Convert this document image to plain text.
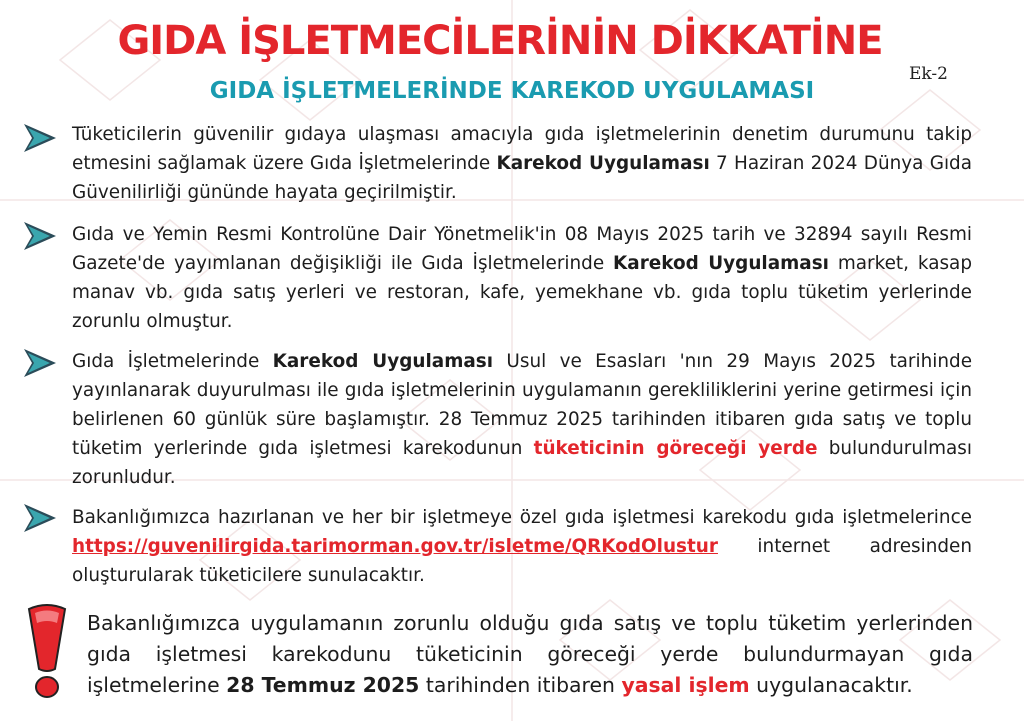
GIDA İŞLETMECİLERİNİN DİKKATİNE
Ek-2
GIDA İŞLETMELERİNDE KAREKOD UYGULAMASI
Tüketicilerin güvenilir gıdaya ulaşması amacıyla gıda işletmelerinin denetim durumunu takip etmesini sağlamak üzere Gıda İşletmelerinde Karekod Uygulaması 7 Haziran 2024 Dünya Gıda Güvenilirliği gününde hayata geçirilmiştir.
Gıda ve Yemin Resmi Kontrolüne Dair Yönetmelik'in 08 Mayıs 2025 tarih ve 32894 sayılı Resmi Gazete'de yayımlanan değişikliği ile Gıda İşletmelerinde Karekod Uygulaması market, kasap manav vb. gıda satış yerleri ve restoran, kafe, yemekhane vb. gıda toplu tüketim yerlerinde zorunlu olmuştur.
Gıda İşletmelerinde Karekod Uygulaması Usul ve Esasları 'nın 29 Mayıs 2025 tarihinde yayınlanarak duyurulması ile gıda işletmelerinin uygulamanın gerekliliklerini yerine getirmesi için belirlenen 60 günlük süre başlamıştır. 28 Temmuz 2025 tarihinden itibaren gıda satış ve toplu tüketim yerlerinde gıda işletmesi karekodunun tüketicinin göreceği yerde bulundurulması zorunludur.
Bakanlığımızca hazırlanan ve her bir işletmeye özel gıda işletmesi karekodu gıda işletmelerince https://guvenilirgida.tarimorman.gov.tr/isletme/QRKodOlustur internet adresinden oluşturularak tüketicilere sunulacaktır.
Bakanlığımızca uygulamanın zorunlu olduğu gıda satış ve toplu tüketim yerlerinden gıda işletmesi karekodunu tüketicinin göreceği yerde bulundurmayan gıda işletmelerine 28 Temmuz 2025 tarihinden itibaren yasal işlem uygulanacaktır.
